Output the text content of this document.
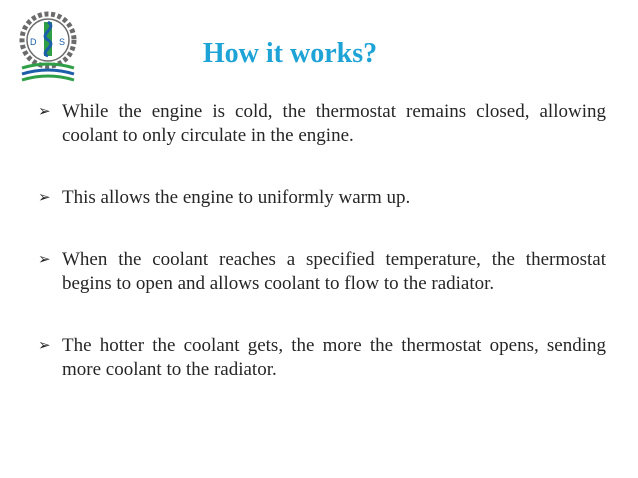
D	S	How it works?
➢ While the engine is cold, the thermostat remains closed, allowing coolant to only circulate in the engine.
➢ This allows the engine to uniformly warm up.
➢ When the coolant reaches a specified temperature, the thermostat begins to open and allows coolant to flow to the radiator.
➢ The hotter the coolant gets, the more the thermostat opens, sending more coolant to the radiator.
